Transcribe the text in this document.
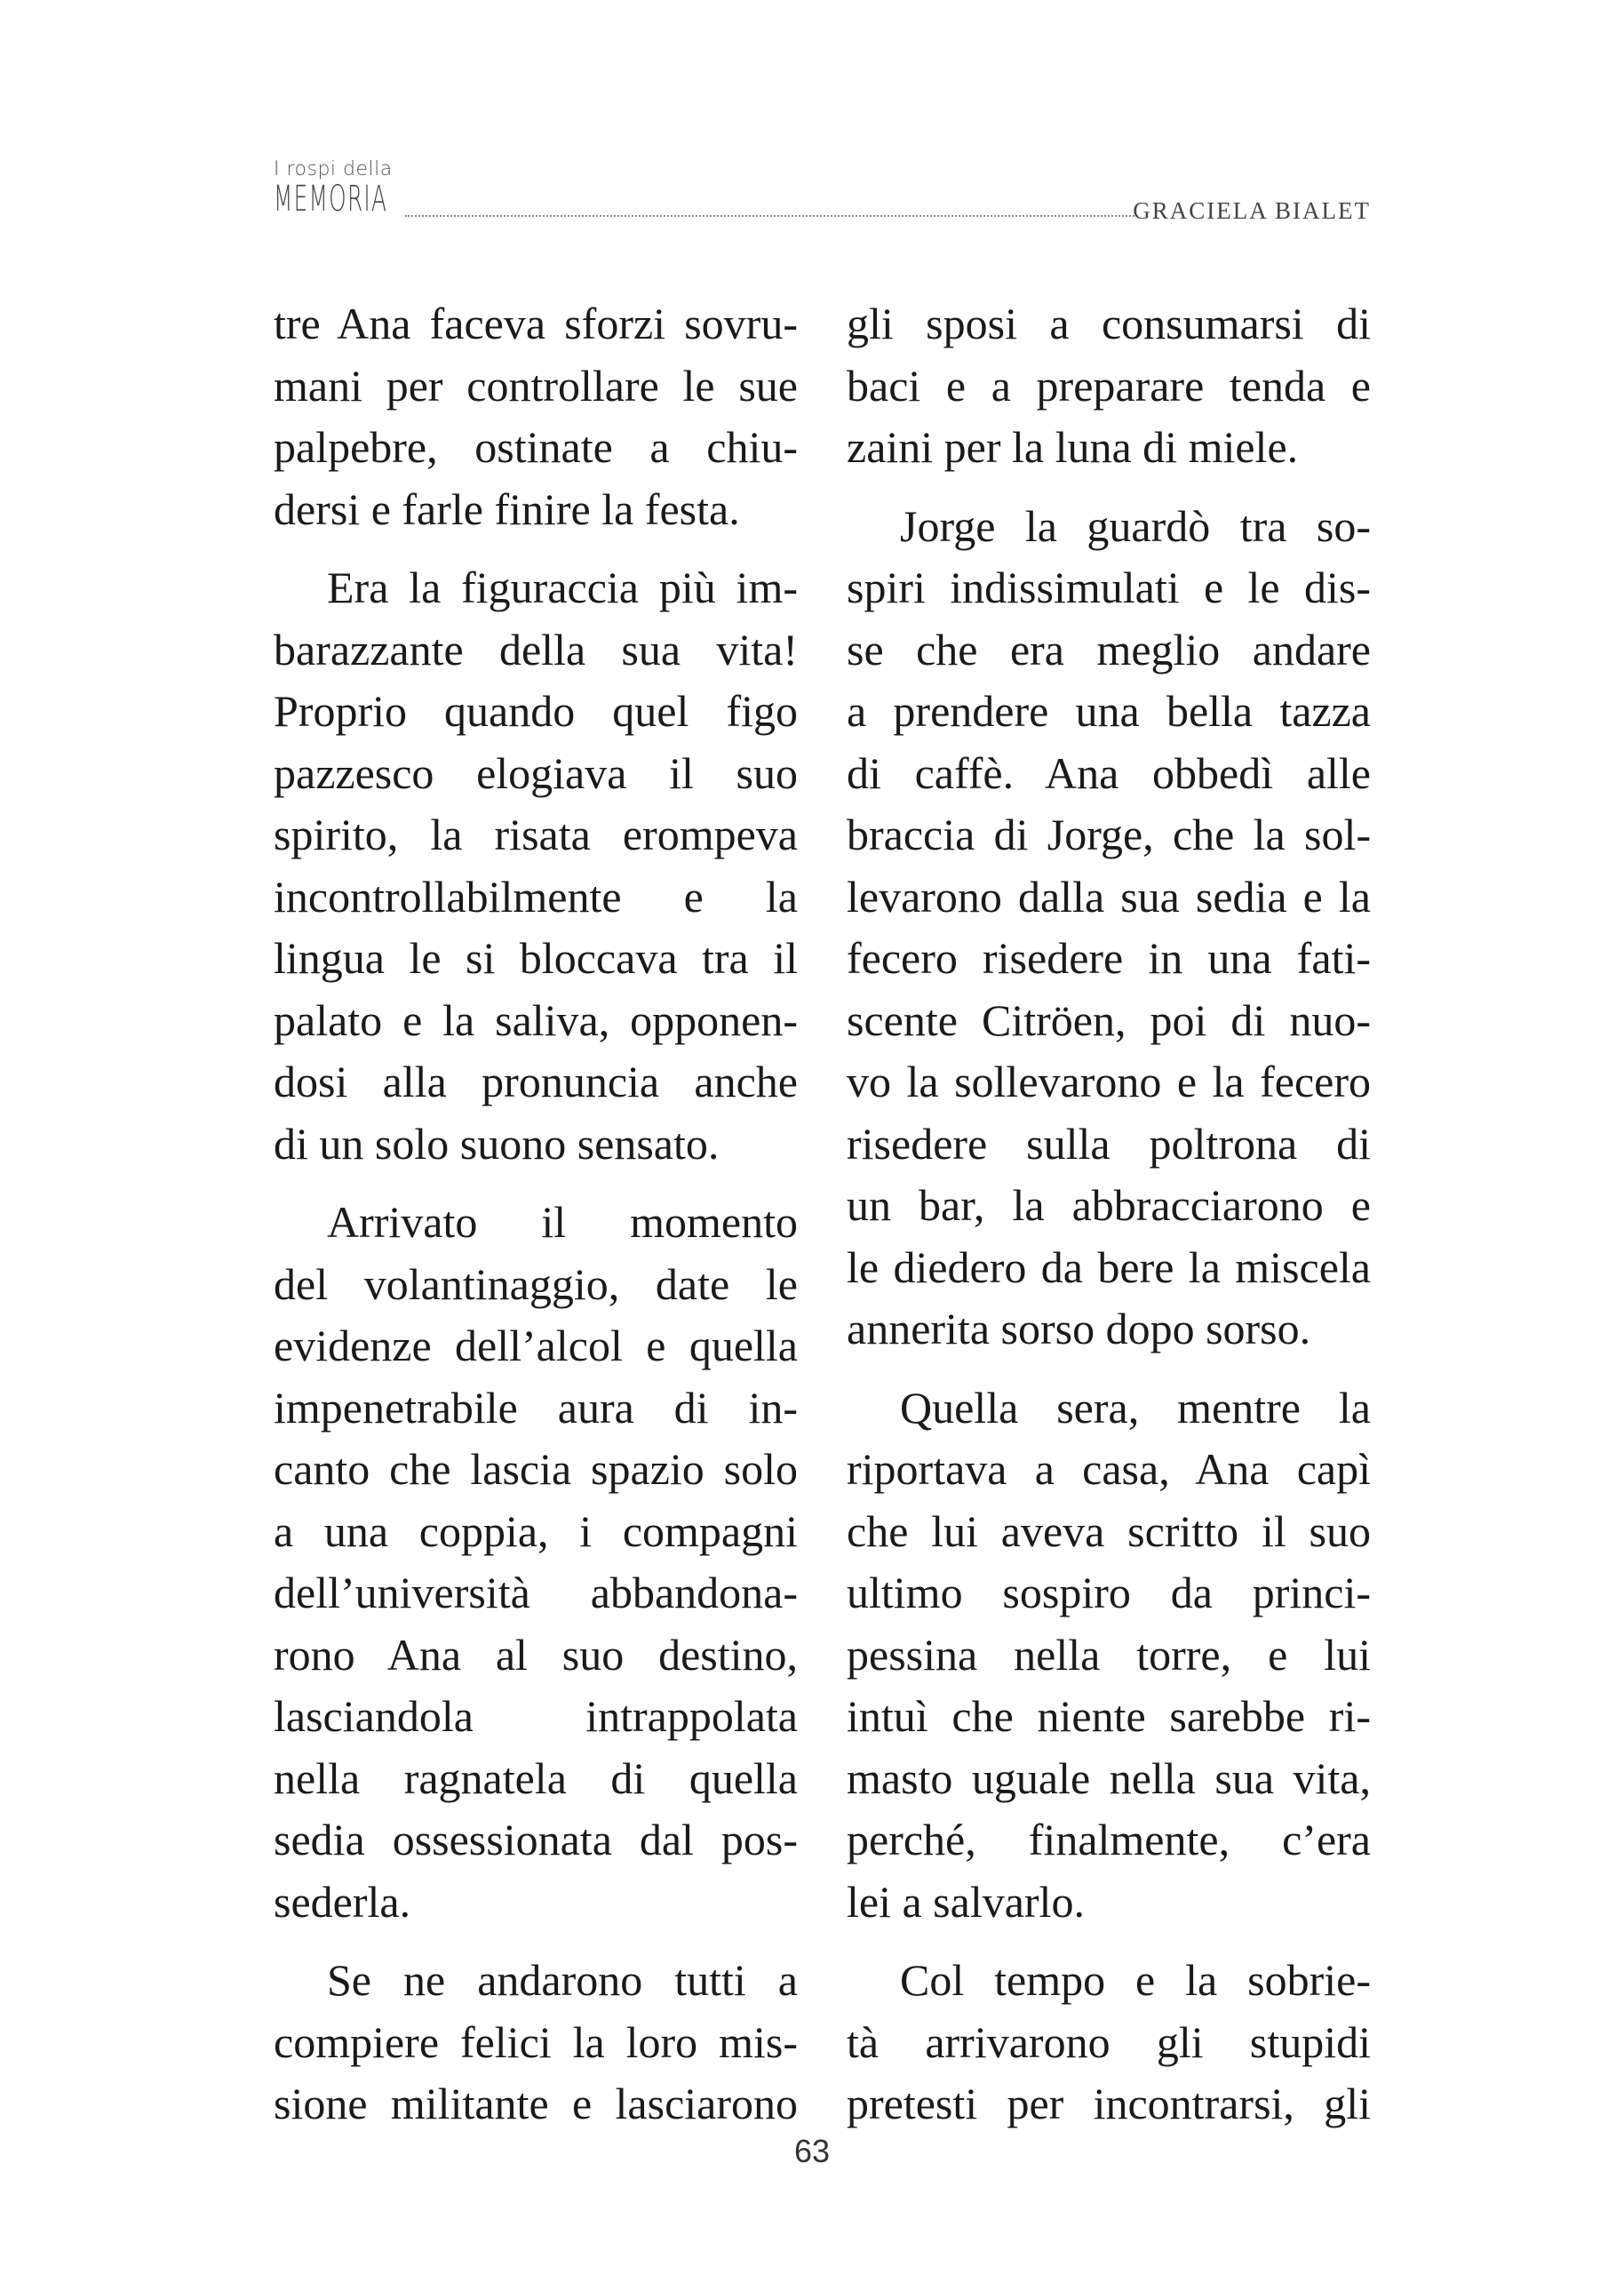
I rospi della
MEMORIA	GRACIELA BIALET
tre Ana faceva sforzi sovru-
mani per controllare le sue
palpebre, ostinate a chiu-
dersi e farle finire la festa.
Era la figuraccia più im-
barazzante della sua vita!
Proprio quando quel figo
pazzesco elogiava il suo
spirito, la risata erompeva
incontrollabilmente e la
lingua le si bloccava tra il
palato e la saliva, opponen-
dosi alla pronuncia anche
di un solo suono sensato.
Arrivato il momento
del volantinaggio, date le
evidenze dell’alcol e quella
impenetrabile aura di in-
canto che lascia spazio solo
a una coppia, i compagni
dell’università abbandona-
rono Ana al suo destino,
lasciandola intrappolata
nella ragnatela di quella
sedia ossessionata dal pos-
sederla.
Se ne andarono tutti a
compiere felici la loro mis-
sione militante e lasciarono
gli sposi a consumarsi di
baci e a preparare tenda e
zaini per la luna di miele.
Jorge la guardò tra so-
spiri indissimulati e le dis-
se che era meglio andare
a prendere una bella tazza
di caffè. Ana obbedì alle
braccia di Jorge, che la sol-
levarono dalla sua sedia e la
fecero risedere in una fati-
scente Citröen, poi di nuo-
vo la sollevarono e la fecero
risedere sulla poltrona di
un bar, la abbracciarono e
le diedero da bere la miscela
annerita sorso dopo sorso.
Quella sera, mentre la
riportava a casa, Ana capì
che lui aveva scritto il suo
ultimo sospiro da princi-
pessina nella torre, e lui
intuì che niente sarebbe ri-
masto uguale nella sua vita,
perché, finalmente, c’era
lei a salvarlo.
Col tempo e la sobrie-
tà arrivarono gli stupidi
pretesti per incontrarsi, gli
63
